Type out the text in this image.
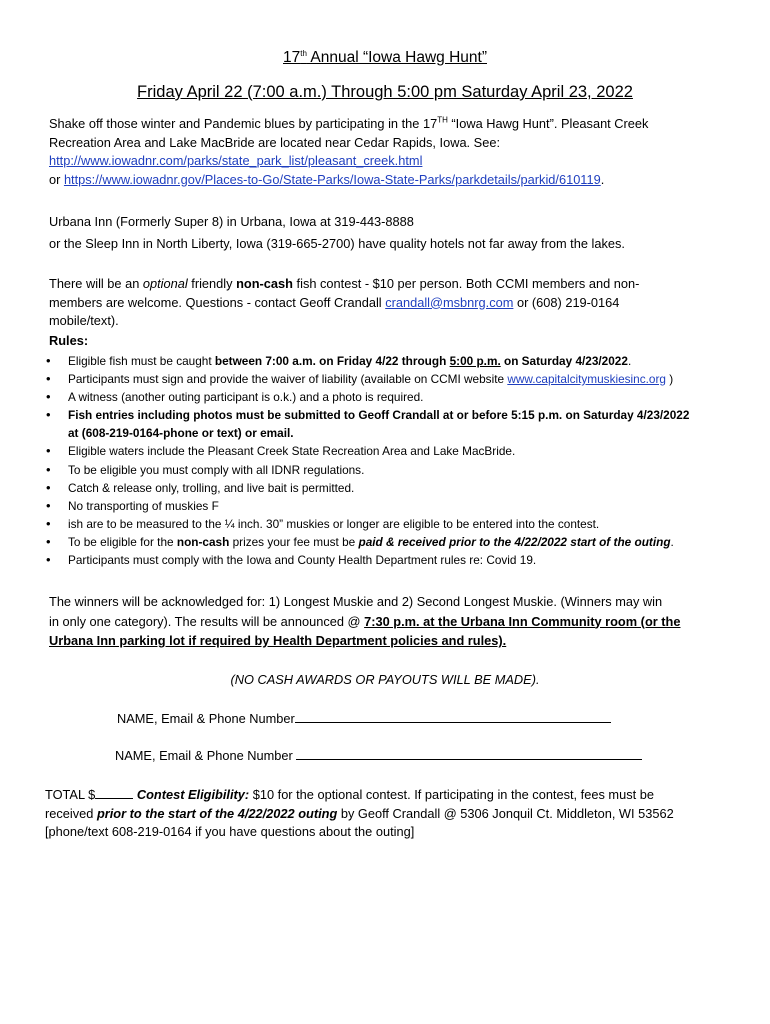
17th Annual “Iowa Hawg Hunt”
Friday April 22 (7:00 a.m.) Through 5:00 pm Saturday April 23, 2022
Shake off those winter and Pandemic blues by participating in the 17TH “Iowa Hawg Hunt”. Pleasant Creek
Recreation Area and Lake MacBride are located near Cedar Rapids, Iowa. See:
http://www.iowadnr.com/parks/state_park_list/pleasant_creek.html
or https://www.iowadnr.gov/Places-to-Go/State-Parks/Iowa-State-Parks/parkdetails/parkid/610119.
Urbana Inn (Formerly Super 8) in Urbana, Iowa at 319-443-8888
or the Sleep Inn in North Liberty, Iowa (319-665-2700) have quality hotels not far away from the lakes.
There will be an optional friendly non-cash fish contest - $10 per person. Both CCMI members and non-
members are welcome. Questions - contact Geoff Crandall crandall@msbnrg.com or (608) 219-0164
mobile/text).
Rules:
• Eligible fish must be caught between 7:00 a.m. on Friday 4/22 through 5:00 p.m. on Saturday 4/23/2022.
• Participants must sign and provide the waiver of liability (available on CCMI website www.capitalcitymuskiesinc.org )
• A witness (another outing participant is o.k.) and a photo is required.
• Fish entries including photos must be submitted to Geoff Crandall at or before 5:15 p.m. on Saturday 4/23/2022
at (608-219-0164-phone or text) or email.
• Eligible waters include the Pleasant Creek State Recreation Area and Lake MacBride.
• To be eligible you must comply with all IDNR regulations.
• Catch & release only, trolling, and live bait is permitted.
• No transporting of muskies F
• ish are to be measured to the ¼ inch. 30” muskies or longer are eligible to be entered into the contest.
• To be eligible for the non-cash prizes your fee must be paid & received prior to the 4/22/2022 start of the outing.
• Participants must comply with the Iowa and County Health Department rules re: Covid 19.
The winners will be acknowledged for: 1) Longest Muskie and 2) Second Longest Muskie. (Winners may win
in only one category). The results will be announced @ 7:30 p.m. at the Urbana Inn Community room (or the
Urbana Inn parking lot if required by Health Department policies and rules).
(NO CASH AWARDS OR PAYOUTS WILL BE MADE).
NAME, Email & Phone Number
NAME, Email & Phone Number
TOTAL $	Contest Eligibility: $10 for the optional contest. If participating in the contest, fees must be
received prior to the start of the 4/22/2022 outing by Geoff Crandall @ 5306 Jonquil Ct. Middleton, WI 53562
[phone/text 608-219-0164 if you have questions about the outing]
